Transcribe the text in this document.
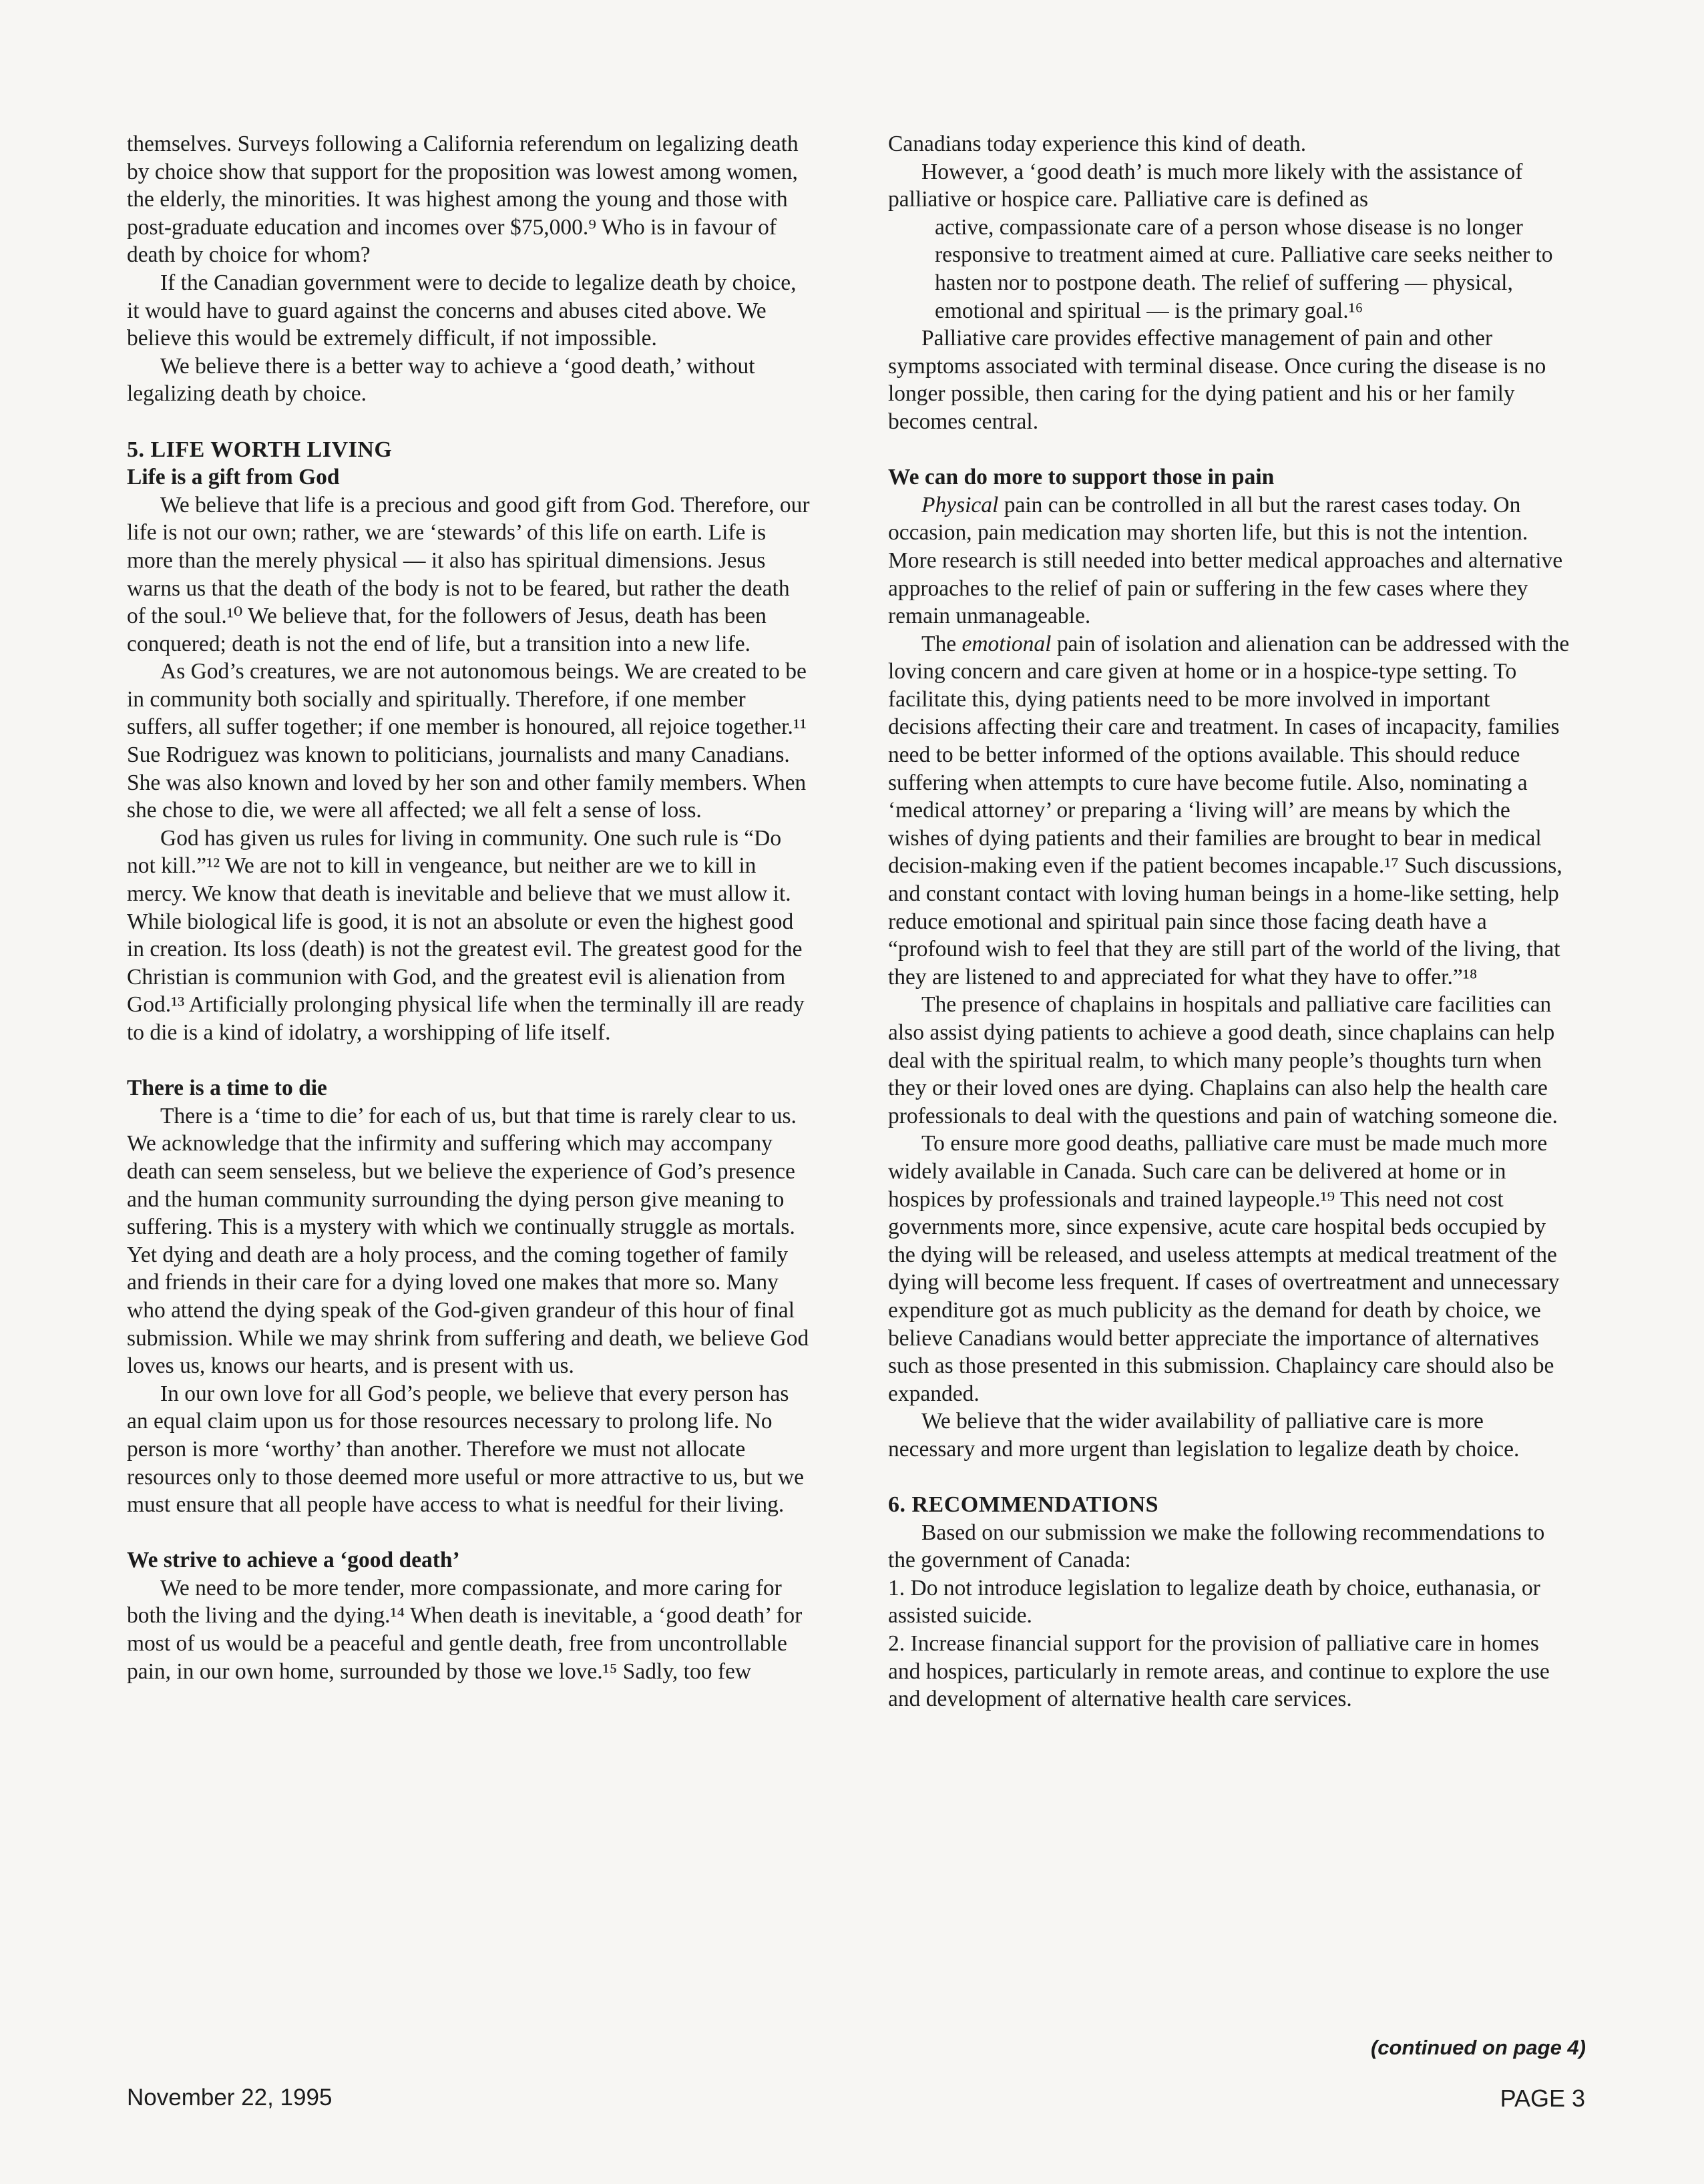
themselves. Surveys following a California referendum on legalizing death by choice show that support for the proposition was lowest among women, the elderly, the minorities. It was highest among the young and those with post-graduate education and incomes over $75,000.⁹ Who is in favour of death by choice for whom?

If the Canadian government were to decide to legalize death by choice, it would have to guard against the concerns and abuses cited above. We believe this would be extremely difficult, if not impossible.

We believe there is a better way to achieve a ‘good death,’ without legalizing death by choice.

5. LIFE WORTH LIVING
Life is a gift from God

We believe that life is a precious and good gift from God. Therefore, our life is not our own; rather, we are ‘stewards’ of this life on earth. Life is more than the merely physical — it also has spiritual dimensions. Jesus warns us that the death of the body is not to be feared, but rather the death of the soul.¹⁰ We believe that, for the followers of Jesus, death has been conquered; death is not the end of life, but a transition into a new life.

As God’s creatures, we are not autonomous beings. We are created to be in community both socially and spiritually. Therefore, if one member suffers, all suffer together; if one member is honoured, all rejoice together.¹¹ Sue Rodriguez was known to politicians, journalists and many Canadians. She was also known and loved by her son and other family members. When she chose to die, we were all affected; we all felt a sense of loss.

God has given us rules for living in community. One such rule is “Do not kill.”¹² We are not to kill in vengeance, but neither are we to kill in mercy. We know that death is inevitable and believe that we must allow it. While biological life is good, it is not an absolute or even the highest good in creation. Its loss (death) is not the greatest evil. The greatest good for the Christian is communion with God, and the greatest evil is alienation from God.¹³ Artificially prolonging physical life when the terminally ill are ready to die is a kind of idolatry, a worshipping of life itself.

There is a time to die

There is a ‘time to die’ for each of us, but that time is rarely clear to us. We acknowledge that the infirmity and suffering which may accompany death can seem senseless, but we believe the experience of God’s presence and the human community surrounding the dying person give meaning to suffering. This is a mystery with which we continually struggle as mortals. Yet dying and death are a holy process, and the coming together of family and friends in their care for a dying loved one makes that more so. Many who attend the dying speak of the God-given grandeur of this hour of final submission. While we may shrink from suffering and death, we believe God loves us, knows our hearts, and is present with us.

In our own love for all God’s people, we believe that every person has an equal claim upon us for those resources necessary to prolong life. No person is more ‘worthy’ than another. Therefore we must not allocate resources only to those deemed more useful or more attractive to us, but we must ensure that all people have access to what is needful for their living.

We strive to achieve a ‘good death’

We need to be more tender, more compassionate, and more caring for both the living and the dying.¹⁴ When death is inevitable, a ‘good death’ for most of us would be a peaceful and gentle death, free from uncontrollable pain, in our own home, surrounded by those we love.¹⁵ Sadly, too few

Canadians today experience this kind of death.

However, a ‘good death’ is much more likely with the assistance of palliative or hospice care. Palliative care is defined as

active, compassionate care of a person whose disease is no longer responsive to treatment aimed at cure. Palliative care seeks neither to hasten nor to postpone death. The relief of suffering — physical, emotional and spiritual — is the primary goal.¹⁶

Palliative care provides effective management of pain and other symptoms associated with terminal disease. Once curing the disease is no longer possible, then caring for the dying patient and his or her family becomes central.

We can do more to support those in pain

Physical pain can be controlled in all but the rarest cases today. On occasion, pain medication may shorten life, but this is not the intention. More research is still needed into better medical approaches and alternative approaches to the relief of pain or suffering in the few cases where they remain unmanageable.

The emotional pain of isolation and alienation can be addressed with the loving concern and care given at home or in a hospice-type setting. To facilitate this, dying patients need to be more involved in important decisions affecting their care and treatment. In cases of incapacity, families need to be better informed of the options available. This should reduce suffering when attempts to cure have become futile. Also, nominating a ‘medical attorney’ or preparing a ‘living will’ are means by which the wishes of dying patients and their families are brought to bear in medical decision-making even if the patient becomes incapable.¹⁷ Such discussions, and constant contact with loving human beings in a home-like setting, help reduce emotional and spiritual pain since those facing death have a “profound wish to feel that they are still part of the world of the living, that they are listened to and appreciated for what they have to offer.”¹⁸

The presence of chaplains in hospitals and palliative care facilities can also assist dying patients to achieve a good death, since chaplains can help deal with the spiritual realm, to which many people’s thoughts turn when they or their loved ones are dying. Chaplains can also help the health care professionals to deal with the questions and pain of watching someone die.

To ensure more good deaths, palliative care must be made much more widely available in Canada. Such care can be delivered at home or in hospices by professionals and trained laypeople.¹⁹ This need not cost governments more, since expensive, acute care hospital beds occupied by the dying will be released, and useless attempts at medical treatment of the dying will become less frequent. If cases of overtreatment and unnecessary expenditure got as much publicity as the demand for death by choice, we believe Canadians would better appreciate the importance of alternatives such as those presented in this submission. Chaplaincy care should also be expanded.

We believe that the wider availability of palliative care is more necessary and more urgent than legislation to legalize death by choice.

6. RECOMMENDATIONS

Based on our submission we make the following recommendations to the government of Canada:

1. Do not introduce legislation to legalize death by choice, euthanasia, or assisted suicide.
2. Increase financial support for the provision of palliative care in homes and hospices, particularly in remote areas, and continue to explore the use and development of alternative health care services.
(continued on page 4)
November 22, 1995	PAGE 3
